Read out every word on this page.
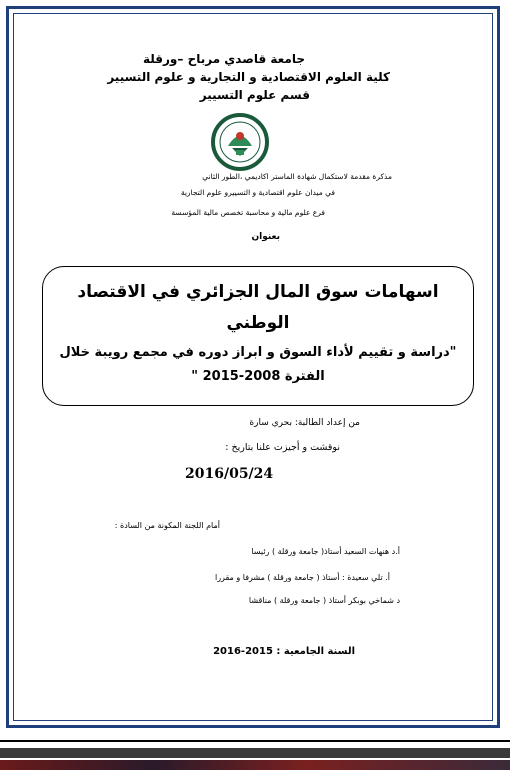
جامعة قاصدي مرباح –ورقلة
كلية العلوم الاقتصادية و التجارية و علوم التسيير
قسم علوم التسيير
مذكرة مقدمة لاستكمال شهادة الماستر اكاديمي ،الطور الثاني
في ميدان علوم اقتصادية و التسييرو علوم التجارية
فرع علوم مالية و محاسبة تخصص مالية المؤسسة
بعنوان
اسهامات سوق المال الجزائري في الاقتصاد الوطني
"دراسة و تقييم لأداء السوق و ابراز دوره في مجمع رويبة خلال الفترة 2008-2015 "
من إعداد الطالبة: بحري سارة
نوقشت و أجيزت علنا بتاريخ :
2016/05/24
أمام اللجنة المكونة من السادة :
أ.د هنهات السعيد أستاذ( جامعة ورقلة ) رئيسا
أ. تلي سعيدة : أستاذ ( جامعة ورقلة ) مشرفا و مقررا
د شماخي بوبكر أستاذ ( جامعة ورقلة ) مناقشا
السنة الجامعية : 2015-2016
